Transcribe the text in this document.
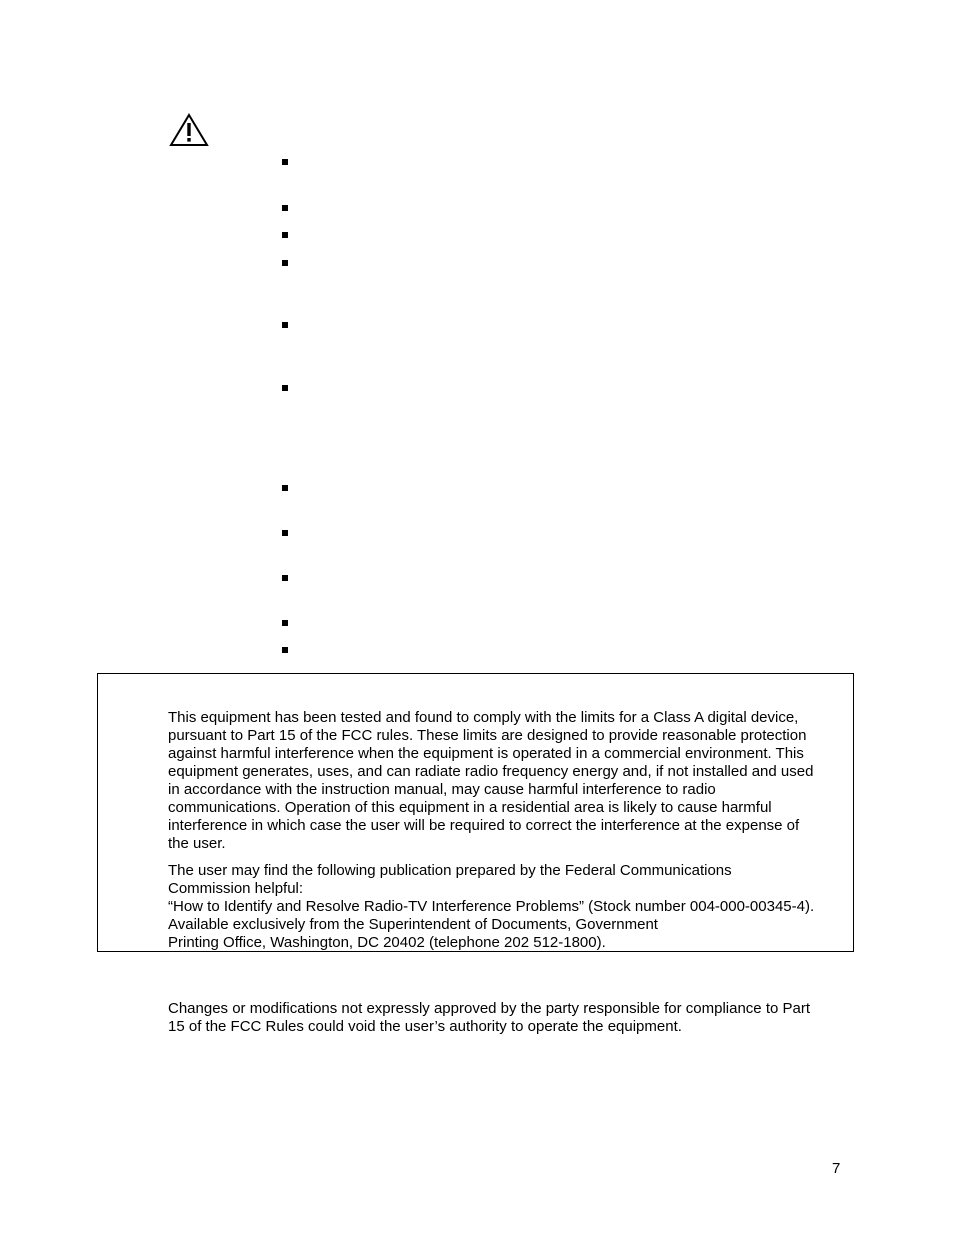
This equipment has been tested and found to comply with the limits for a Class A digital device,
pursuant to Part 15 of the FCC rules. These limits are designed to provide reasonable protection
against harmful interference when the equipment is operated in a commercial environment. This
equipment generates, uses, and can radiate radio frequency energy and, if not installed and used
in accordance with the instruction manual, may cause harmful interference to radio
communications. Operation of this equipment in a residential area is likely to cause harmful
interference in which case the user will be required to correct the interference at the expense of
the user.
The user may find the following publication prepared by the Federal Communications
Commission helpful:
“How to Identify and Resolve Radio-TV Interference Problems” (Stock number 004-000-00345-4).
Available exclusively from the Superintendent of Documents, Government
Printing Office, Washington, DC 20402 (telephone 202 512-1800).
Changes or modifications not expressly approved by the party responsible for compliance to Part
15 of the FCC Rules could void the user’s authority to operate the equipment.
7
